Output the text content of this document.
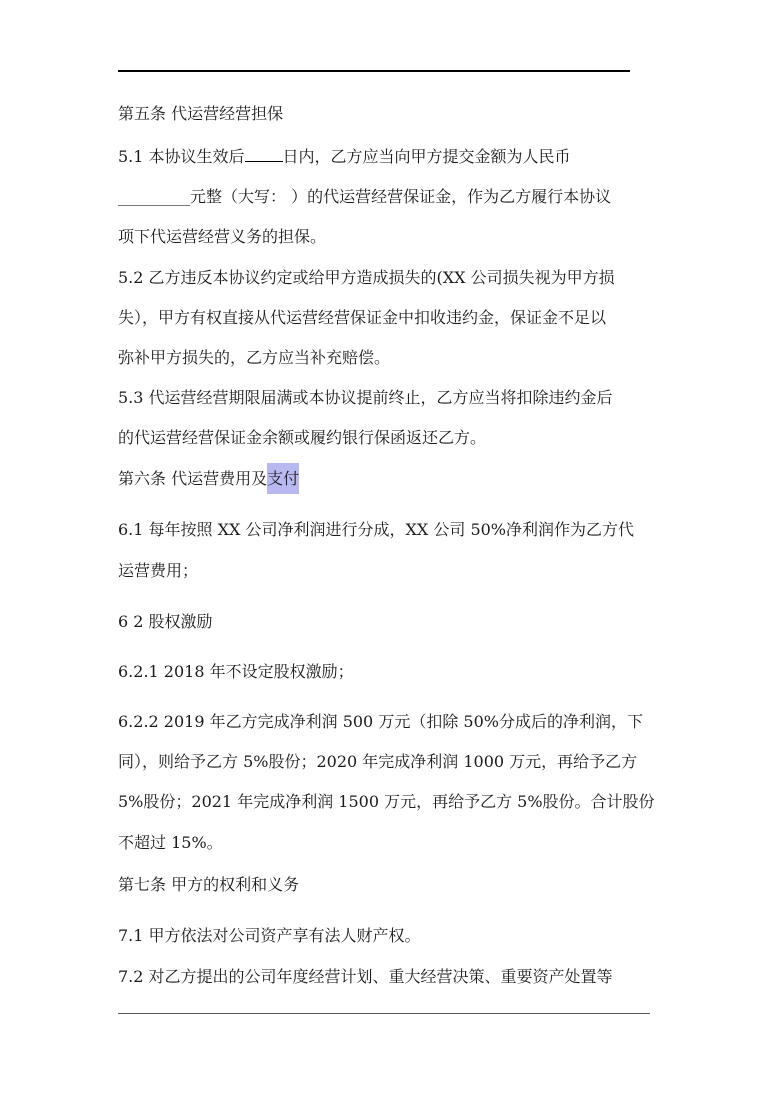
第五条 代运营经营担保
5.1 本协议生效后 日内，乙方应当向甲方提交金额为人民币
_________元整（大写： ）的代运营经营保证金，作为乙方履行本协议
项下代运营经营义务的担保。
5.2 乙方违反本协议约定或给甲方造成损失的(XX 公司损失视为甲方损
失），甲方有权直接从代运营经营保证金中扣收违约金，保证金不足以
弥补甲方损失的，乙方应当补充赔偿。
5.3 代运营经营期限届满或本协议提前终止，乙方应当将扣除违约金后
的代运营经营保证金余额或履约银行保函返还乙方。
第六条 代运营费用及支付
6.1 每年按照 XX 公司净利润进行分成，XX 公司 50%净利润作为乙方代
运营费用；
6 2 股权激励
6.2.1 2018 年不设定股权激励；
6.2.2 2019 年乙方完成净利润 500 万元（扣除 50%分成后的净利润，下
同），则给予乙方 5%股份；2020 年完成净利润 1000 万元，再给予乙方
5%股份；2021 年完成净利润 1500 万元，再给予乙方 5%股份。合计股份
不超过 15%。
第七条 甲方的权利和义务
7.1 甲方依法对公司资产享有法人财产权。
7.2 对乙方提出的公司年度经营计划、重大经营决策、重要资产处置等
